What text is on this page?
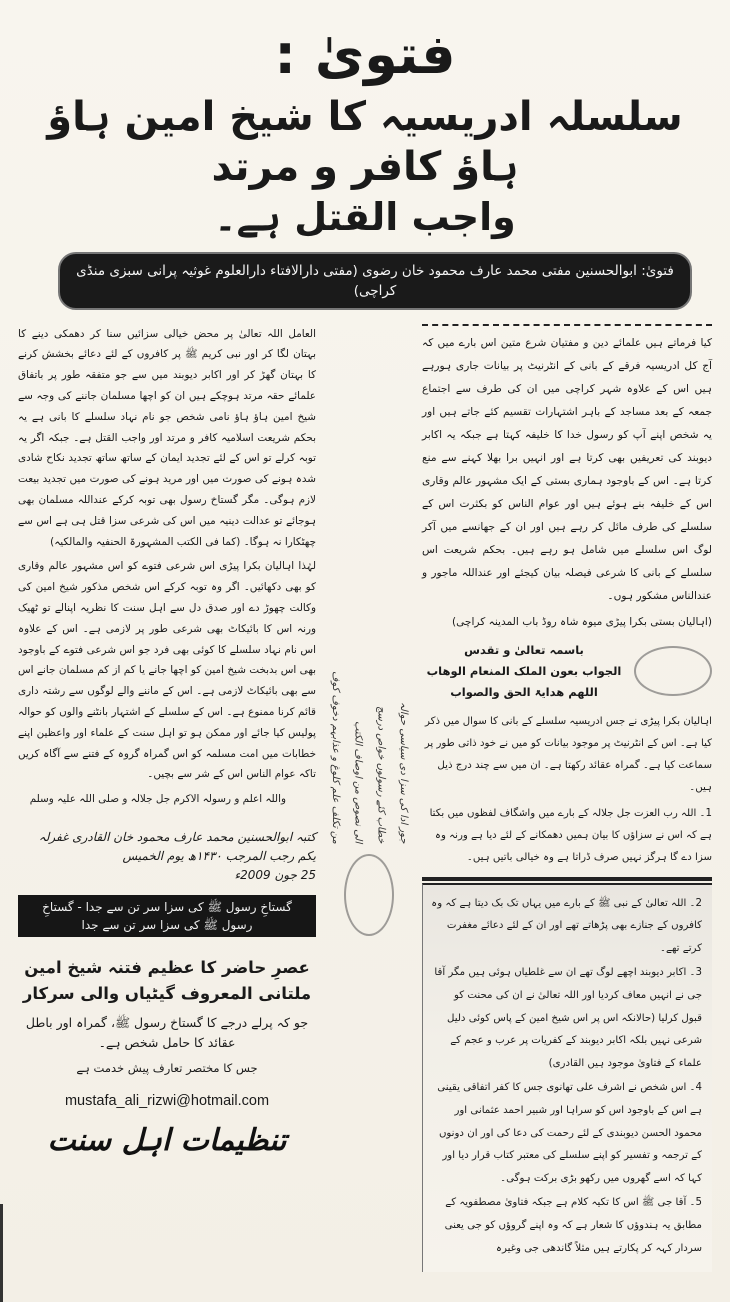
فتویٰ :
سلسلہ ادریسیہ کا شیخ امین ہاؤ ہاؤ کافر و مرتد
واجب القتل ہے۔
فتویٰ: ابوالحسنین مفتی محمد عارف محمود خان رضوی (مفتی دارالافتاء دارالعلوم غوثیہ پرانی سبزی منڈی کراچی)

کیا فرماتے ہیں علمائے دین و مفتیان شرع متین اس بارے میں کہ آج کل ادریسیہ فرقے کے بانی کے انٹرنیٹ پر بیانات جاری ہورہے ہیں اس کے علاوہ شہر کراچی میں ان کی طرف سے اجتماع جمعہ کے بعد مساجد کے باہر اشتہارات تقسیم کئے جاتے ہیں اور یہ شخص اپنے آپ کو رسول خدا کا خلیفہ کہتا ہے جبکہ یہ اکابر دیوبند کی تعریفیں بھی کرتا ہے اور انہیں برا بھلا کہنے سے منع کرتا ہے۔ اس کے باوجود ہماری بستی کے ایک مشہور عالم وقاری اس کے خلیفہ بنے ہوئے ہیں اور عوام الناس کو بکثرت اس کے سلسلے کی طرف مائل کر رہے ہیں اور ان کے جھانسے میں آکر لوگ اس سلسلے میں شامل ہو رہے ہیں۔ بحکم شریعت اس سلسلے کے بانی کا شرعی فیصلہ بیان کیجئے اور عنداللہ ماجور و عندالناس مشکور ہوں۔

(اہالیان بستی بکرا پیڑی میوہ شاہ روڈ باب المدینہ کراچی)

باسمہ تعالیٰ و تقدس
الجواب بعون الملک المنعام الوھاب
اللھم ھدایۃ الحق والصواب

اہالیان بکرا پیڑی نے جس ادریسیہ سلسلے کے بانی کا سوال میں ذکر کیا ہے۔ اس کے انٹرنیٹ پر موجود بیانات کو میں نے خود ذاتی طور پر سماعت کیا ہے۔ گمراہ عقائد رکھتا ہے۔ ان میں سے چند درج ذیل ہیں۔

1۔ اللہ رب العزت جل جلالہ کے بارے میں واشگاف لفظوں میں بکتا ہے کہ اس نے سزاؤں کا بیان ہمیں دھمکانے کے لئے دیا ہے ورنہ وہ سزا دے گا ہرگز نہیں صرف ڈراتا ہے وہ خیالی باتیں ہیں۔

2۔ اللہ تعالیٰ کے نبی ﷺ کے بارے میں یہاں تک بک دیتا ہے کہ وہ کافروں کے جنازے بھی پڑھاتے تھے اور ان کے لئے دعائے مغفرت کرتے تھے۔

3۔ اکابر دیوبند اچھے لوگ تھے ان سے غلطیاں ہوئی ہیں مگر آقا جی نے انہیں معاف کردیا اور اللہ تعالیٰ نے ان کی محنت کو قبول کرلیا (حالانکہ اس پر اس شیخ امین کے پاس کوئی دلیل شرعی نہیں بلکہ اکابر دیوبند کے کفریات پر عرب و عجم کے علماء کے فتاویٰ موجود ہیں القادری)

4۔ اس شخص نے اشرف علی تھانوی جس کا کفر اتفاقی یقینی ہے اس کے باوجود اس کو سراہا اور شبیر احمد عثمانی اور محمود الحسن دیوبندی کے لئے رحمت کی دعا کی اور ان دونوں کے ترجمہ و تفسیر کو اپنے سلسلے کی معتبر کتاب قرار دیا اور کہا کہ اسے گھروں میں رکھو بڑی برکت ہوگی۔

5۔ آقا جی ﷺ اس کا تکیہ کلام ہے جبکہ فتاویٰ مصطفویہ کے مطابق یہ ہندوؤں کا شعار ہے کہ وہ اپنے گروؤں کو جی یعنی سردار کہہ کر پکارتے ہیں مثلاً گاندھی جی وغیرہ

من تکلف علم کلوغ و عذابہم دخوف کوف	الی نصوص من اوصاف الکتب	خطاب کئے رسولوں خواص درسج	جور ادا کی سزا دی سیاسی حوالہ

العامل اللہ تعالیٰ پر محض خیالی سزائیں سنا کر دھمکی دینے کا بہتان لگا کر اور نبی کریم ﷺ پر کافروں کے لئے دعائے بخشش کرنے کا بہتان گھڑ کر اور اکابر دیوبند میں سے جو متفقہ طور پر باتفاق علمائے حقہ مرتد ہوچکے ہیں ان کو اچھا مسلمان جاننے کی وجہ سے شیخ امین ہاؤ ہاؤ نامی شخص جو نام نہاد سلسلے کا بانی ہے یہ بحکم شریعت اسلامیہ کافر و مرتد اور واجب القتل ہے۔ جبکہ اگر یہ توبہ کرلے تو اس کے لئے تجدید ایمان کے ساتھ ساتھ تجدید نکاح شادی شدہ ہونے کی صورت میں اور مرید ہونے کی صورت میں تجدید بیعت لازم ہوگی۔ مگر گستاخ رسول بھی توبہ کرکے عنداللہ مسلمان بھی ہوجائے تو عدالت دینیہ میں اس کی شرعی سزا قتل ہی ہے اس سے چھٹکارا نہ ہوگا۔ (کما فی الکتب المشہورۃ الحنفیہ والمالکیہ)

لہٰذا اہالیان بکرا پیڑی اس شرعی فتوے کو اس مشہور عالم وقاری کو بھی دکھائیں۔ اگر وہ توبہ کرکے اس شخص مذکور شیخ امین کی وکالت چھوڑ دے اور صدق دل سے اہل سنت کا نظریہ اپنالے تو ٹھیک ورنہ اس کا بائیکاٹ بھی شرعی طور پر لازمی ہے۔ اس کے علاوہ اس نام نہاد سلسلے کا کوئی بھی فرد جو اس شرعی فتوے کے باوجود بھی اس بدبخت شیخ امین کو اچھا جانے یا کم از کم مسلمان جانے اس سے بھی بائیکاٹ لازمی ہے۔ اس کے ماننے والے لوگوں سے رشتہ داری قائم کرنا ممنوع ہے۔ اس کے سلسلے کے اشتہار بانٹنے والوں کو حوالہ پولیس کیا جائے اور ممکن ہو تو اہل سنت کے علماء اور واعظین اپنے خطابات میں امت مسلمہ کو اس گمراہ گروہ کے فتنے سے آگاہ کریں تاکہ عوام الناس اس کے شر سے بچیں۔

واللہ اعلم و رسولہ الاکرم جل جلالہ و صلی اللہ علیہ وسلم

کتبہ ابوالحسنین محمد عارف محمود خان القادری غفرلہ
یکم رجب المرجب ۱۴۳۰ھ یوم الخمیس
25 جون 2009ء
گستاخِ رسول ﷺ کی سزا سر تن سے جدا - گستاخِ رسول ﷺ کی سزا سر تن سے جدا
عصرِ حاضر کا عظیم فتنہ شیخ امین ملتانی المعروف گیٹیاں والی سرکار
جو کہ پرلے درجے کا گستاخ رسول ﷺ، گمراہ اور باطل عقائد کا حامل شخص ہے۔
جس کا مختصر تعارف پیش خدمت ہے
mustafa_ali_rizwi@hotmail.com
تنظیمات اہل سنت
